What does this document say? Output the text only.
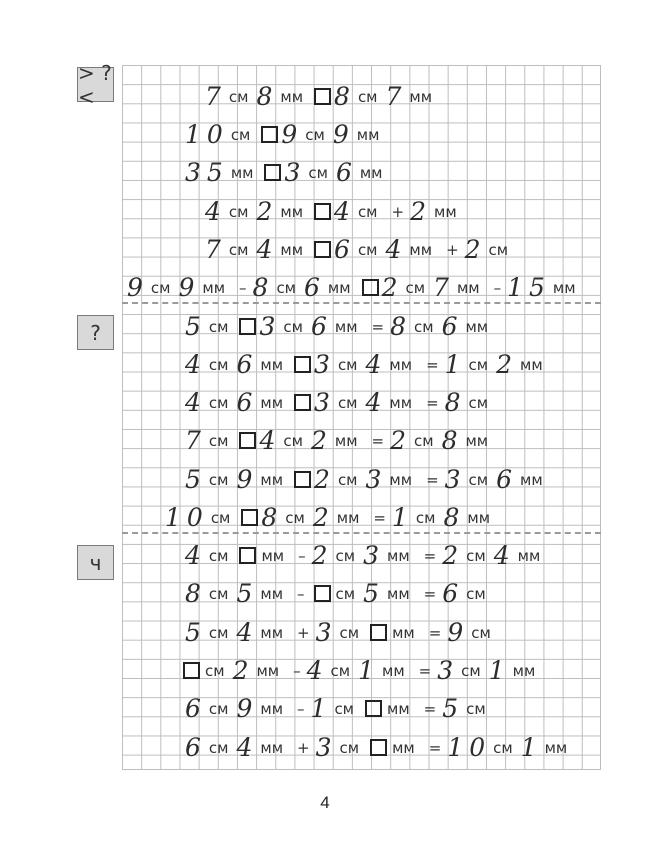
> ? <
?
ч
7 см 8 мм 8 см 7 мм
10 см 9 см 9 мм
35 мм 3 см 6 мм
4 см 2 мм 4 см + 2 мм
7 см 4 мм 6 см 4 мм + 2 см
9 см 9 мм – 8 см 6 мм 2 см 7 мм – 15 мм
5 см 3 см 6 мм = 8 см 6 мм
4 см 6 мм 3 см 4 мм = 1 см 2 мм
4 см 6 мм 3 см 4 мм = 8 см
7 см 4 см 2 мм = 2 см 8 мм
5 см 9 мм 2 см 3 мм = 3 см 6 мм
10 см 8 см 2 мм = 1 см 8 мм
4 см мм – 2 см 3 мм = 2 см 4 мм
8 см 5 мм – см 5 мм = 6 см
5 см 4 мм + 3 см мм = 9 см
см 2 мм – 4 см 1 мм = 3 см 1 мм
6 см 9 мм – 1 см мм = 5 см
6 см 4 мм + 3 см мм = 10 см 1 мм
4
